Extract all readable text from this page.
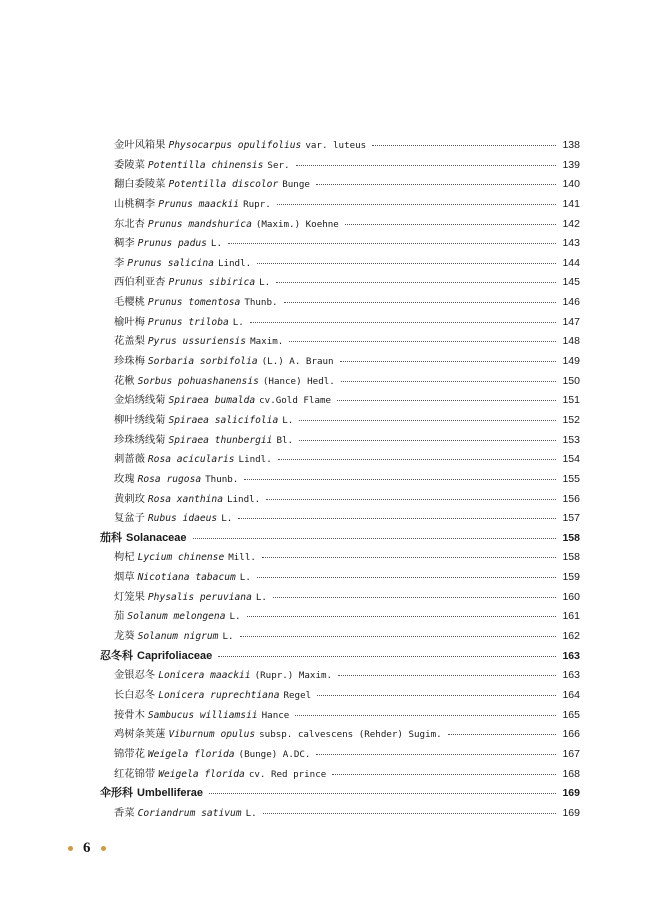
金叶风箱果 Physocarpus opulifolius var. luteus	138
委陵菜 Potentilla chinensis Ser.	139
翻白委陵菜 Potentilla discolor Bunge	140
山桃稠李 Prunus maackii Rupr.	141
东北杏 Prunus mandshurica (Maxim.) Koehne	142
稠李 Prunus padus L.	143
李 Prunus salicina Lindl.	144
西伯利亚杏 Prunus sibirica L.	145
毛樱桃 Prunus tomentosa Thunb.	146
榆叶梅 Prunus triloba L.	147
花盖梨 Pyrus ussuriensis Maxim.	148
珍珠梅 Sorbaria sorbifolia (L.) A. Braun	149
花楸 Sorbus pohuashanensis (Hance) Hedl.	150
金焰绣线菊 Spiraea bumalda cv.Gold Flame	151
柳叶绣线菊 Spiraea salicifolia L.	152
珍珠绣线菊 Spiraea thunbergii Bl.	153
刺蔷薇 Rosa acicularis Lindl.	154
玫瑰 Rosa rugosa Thunb.	155
黄刺玫 Rosa xanthina Lindl.	156
复盆子 Rubus idaeus L.	157
茄科 Solanaceae	158
枸杞 Lycium chinense Mill.	158
烟草 Nicotiana tabacum L.	159
灯笼果 Physalis peruviana L.	160
茄 Solanum melongena L.	161
龙葵 Solanum nigrum L.	162
忍冬科 Caprifoliaceae	163
金银忍冬 Lonicera maackii (Rupr.) Maxim.	163
长白忍冬 Lonicera ruprechtiana Regel	164
接骨木 Sambucus williamsii Hance	165
鸡树条荚蒾 Viburnum opulus subsp. calvescens (Rehder) Sugim.	166
锦带花 Weigela florida (Bunge) A.DC.	167
红花锦带 Weigela florida cv. Red prince	168
伞形科 Umbelliferae	169
香菜 Coriandrum sativum L.	169
6
